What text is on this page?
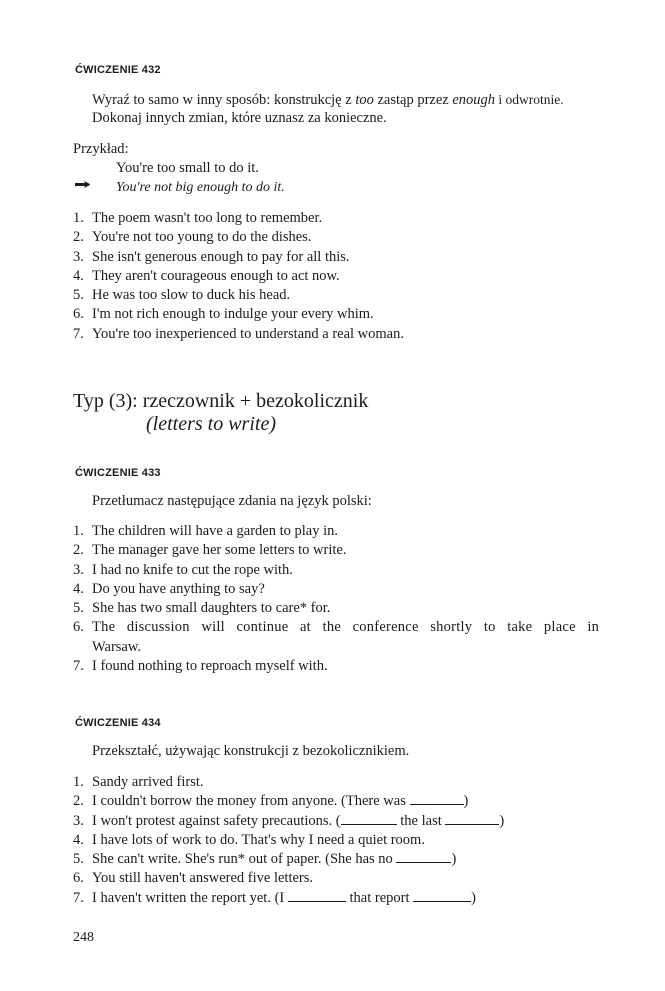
ĆWICZENIE 432
Wyraź to samo w inny sposób: konstrukcję z too zastąp przez enough i odwrotnie.
Dokonaj innych zmian, które uznasz za konieczne.
Przykład:
You're too small to do it.
You're not big enough to do it.
1. The poem wasn't too long to remember.
2. You're not too young to do the dishes.
3. She isn't generous enough to pay for all this.
4. They aren't courageous enough to act now.
5. He was too slow to duck his head.
6. I'm not rich enough to indulge your every whim.
7. You're too inexperienced to understand a real woman.
Typ (3): rzeczownik + bezokolicznik
(letters to write)
ĆWICZENIE 433
Przetłumacz następujące zdania na język polski:
1. The children will have a garden to play in.
2. The manager gave her some letters to write.
3. I had no knife to cut the rope with.
4. Do you have anything to say?
5. She has two small daughters to care* for.
6. The discussion will continue at the conference shortly to take place in
Warsaw.
7. I found nothing to reproach myself with.
ĆWICZENIE 434
Przekształć, używając konstrukcji z bezokolicznikiem.
1. Sandy arrived first.
2. I couldn't borrow the money from anyone. (There was	)
3. I won't protest against safety precautions. (	the last	)
4. I have lots of work to do. That's why I need a quiet room.
5. She can't write. She's run* out of paper. (She has no	)
6. You still haven't answered five letters.
7. I haven't written the report yet. (I	that report	)
248
